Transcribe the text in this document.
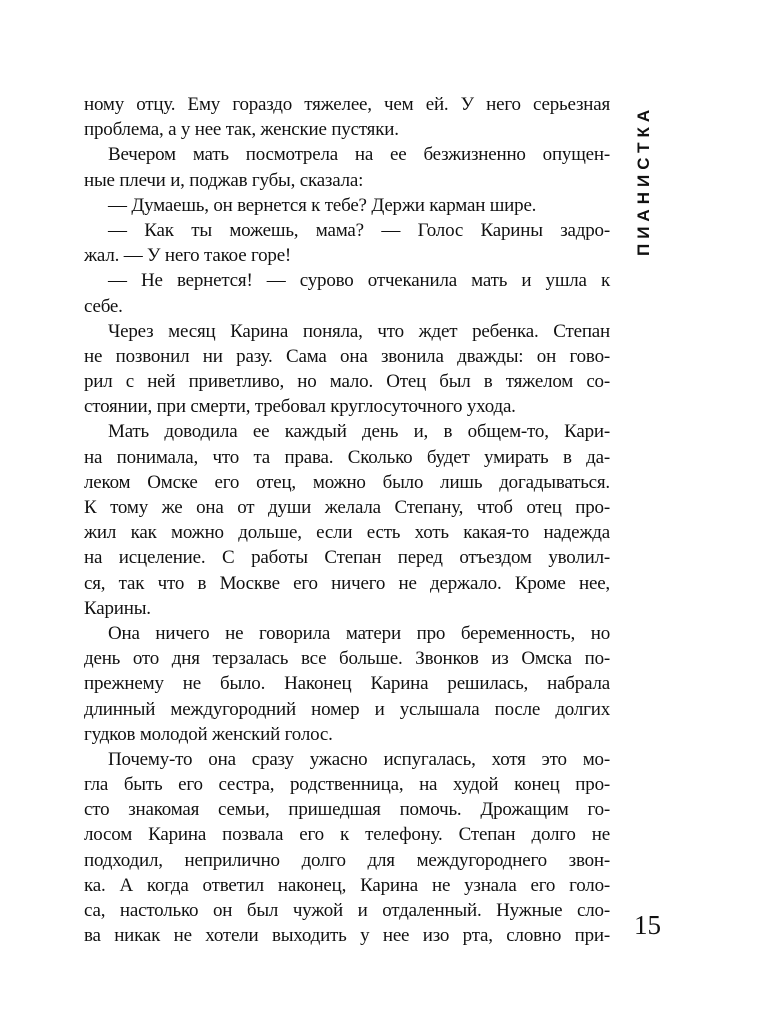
ПИАНИСТКА
ному отцу. Ему гораздо тяжелее, чем ей. У него серьезная
проблема, а у нее так, женские пустяки.
Вечером мать посмотрела на ее безжизненно опущен-
ные плечи и, поджав губы, сказала:
— Думаешь, он вернется к тебе? Держи карман шире.
— Как ты можешь, мама? — Голос Карины задро-
жал. — У него такое горе!
— Не вернется! — сурово отчеканила мать и ушла к
себе.
Через месяц Карина поняла, что ждет ребенка. Степан
не позвонил ни разу. Сама она звонила дважды: он гово-
рил с ней приветливо, но мало. Отец был в тяжелом со-
стоянии, при смерти, требовал круглосуточного ухода.
Мать доводила ее каждый день и, в общем-то, Кари-
на понимала, что та права. Сколько будет умирать в да-
леком Омске его отец, можно было лишь догадываться.
К тому же она от души желала Степану, чтоб отец про-
жил как можно дольше, если есть хоть какая-то надежда
на исцеление. С работы Степан перед отъездом уволил-
ся, так что в Москве его ничего не держало. Кроме нее,
Карины.
Она ничего не говорила матери про беременность, но
день ото дня терзалась все больше. Звонков из Омска по-
прежнему не было. Наконец Карина решилась, набрала
длинный междугородний номер и услышала после долгих
гудков молодой женский голос.
Почему-то она сразу ужасно испугалась, хотя это мо-
гла быть его сестра, родственница, на худой конец про-
сто знакомая семьи, пришедшая помочь. Дрожащим го-
лосом Карина позвала его к телефону. Степан долго не
подходил, неприлично долго для междугороднего звон-
ка. А когда ответил наконец, Карина не узнала его голо-
са, настолько он был чужой и отдаленный. Нужные сло-
ва никак не хотели выходить у нее изо рта, словно при- 15
